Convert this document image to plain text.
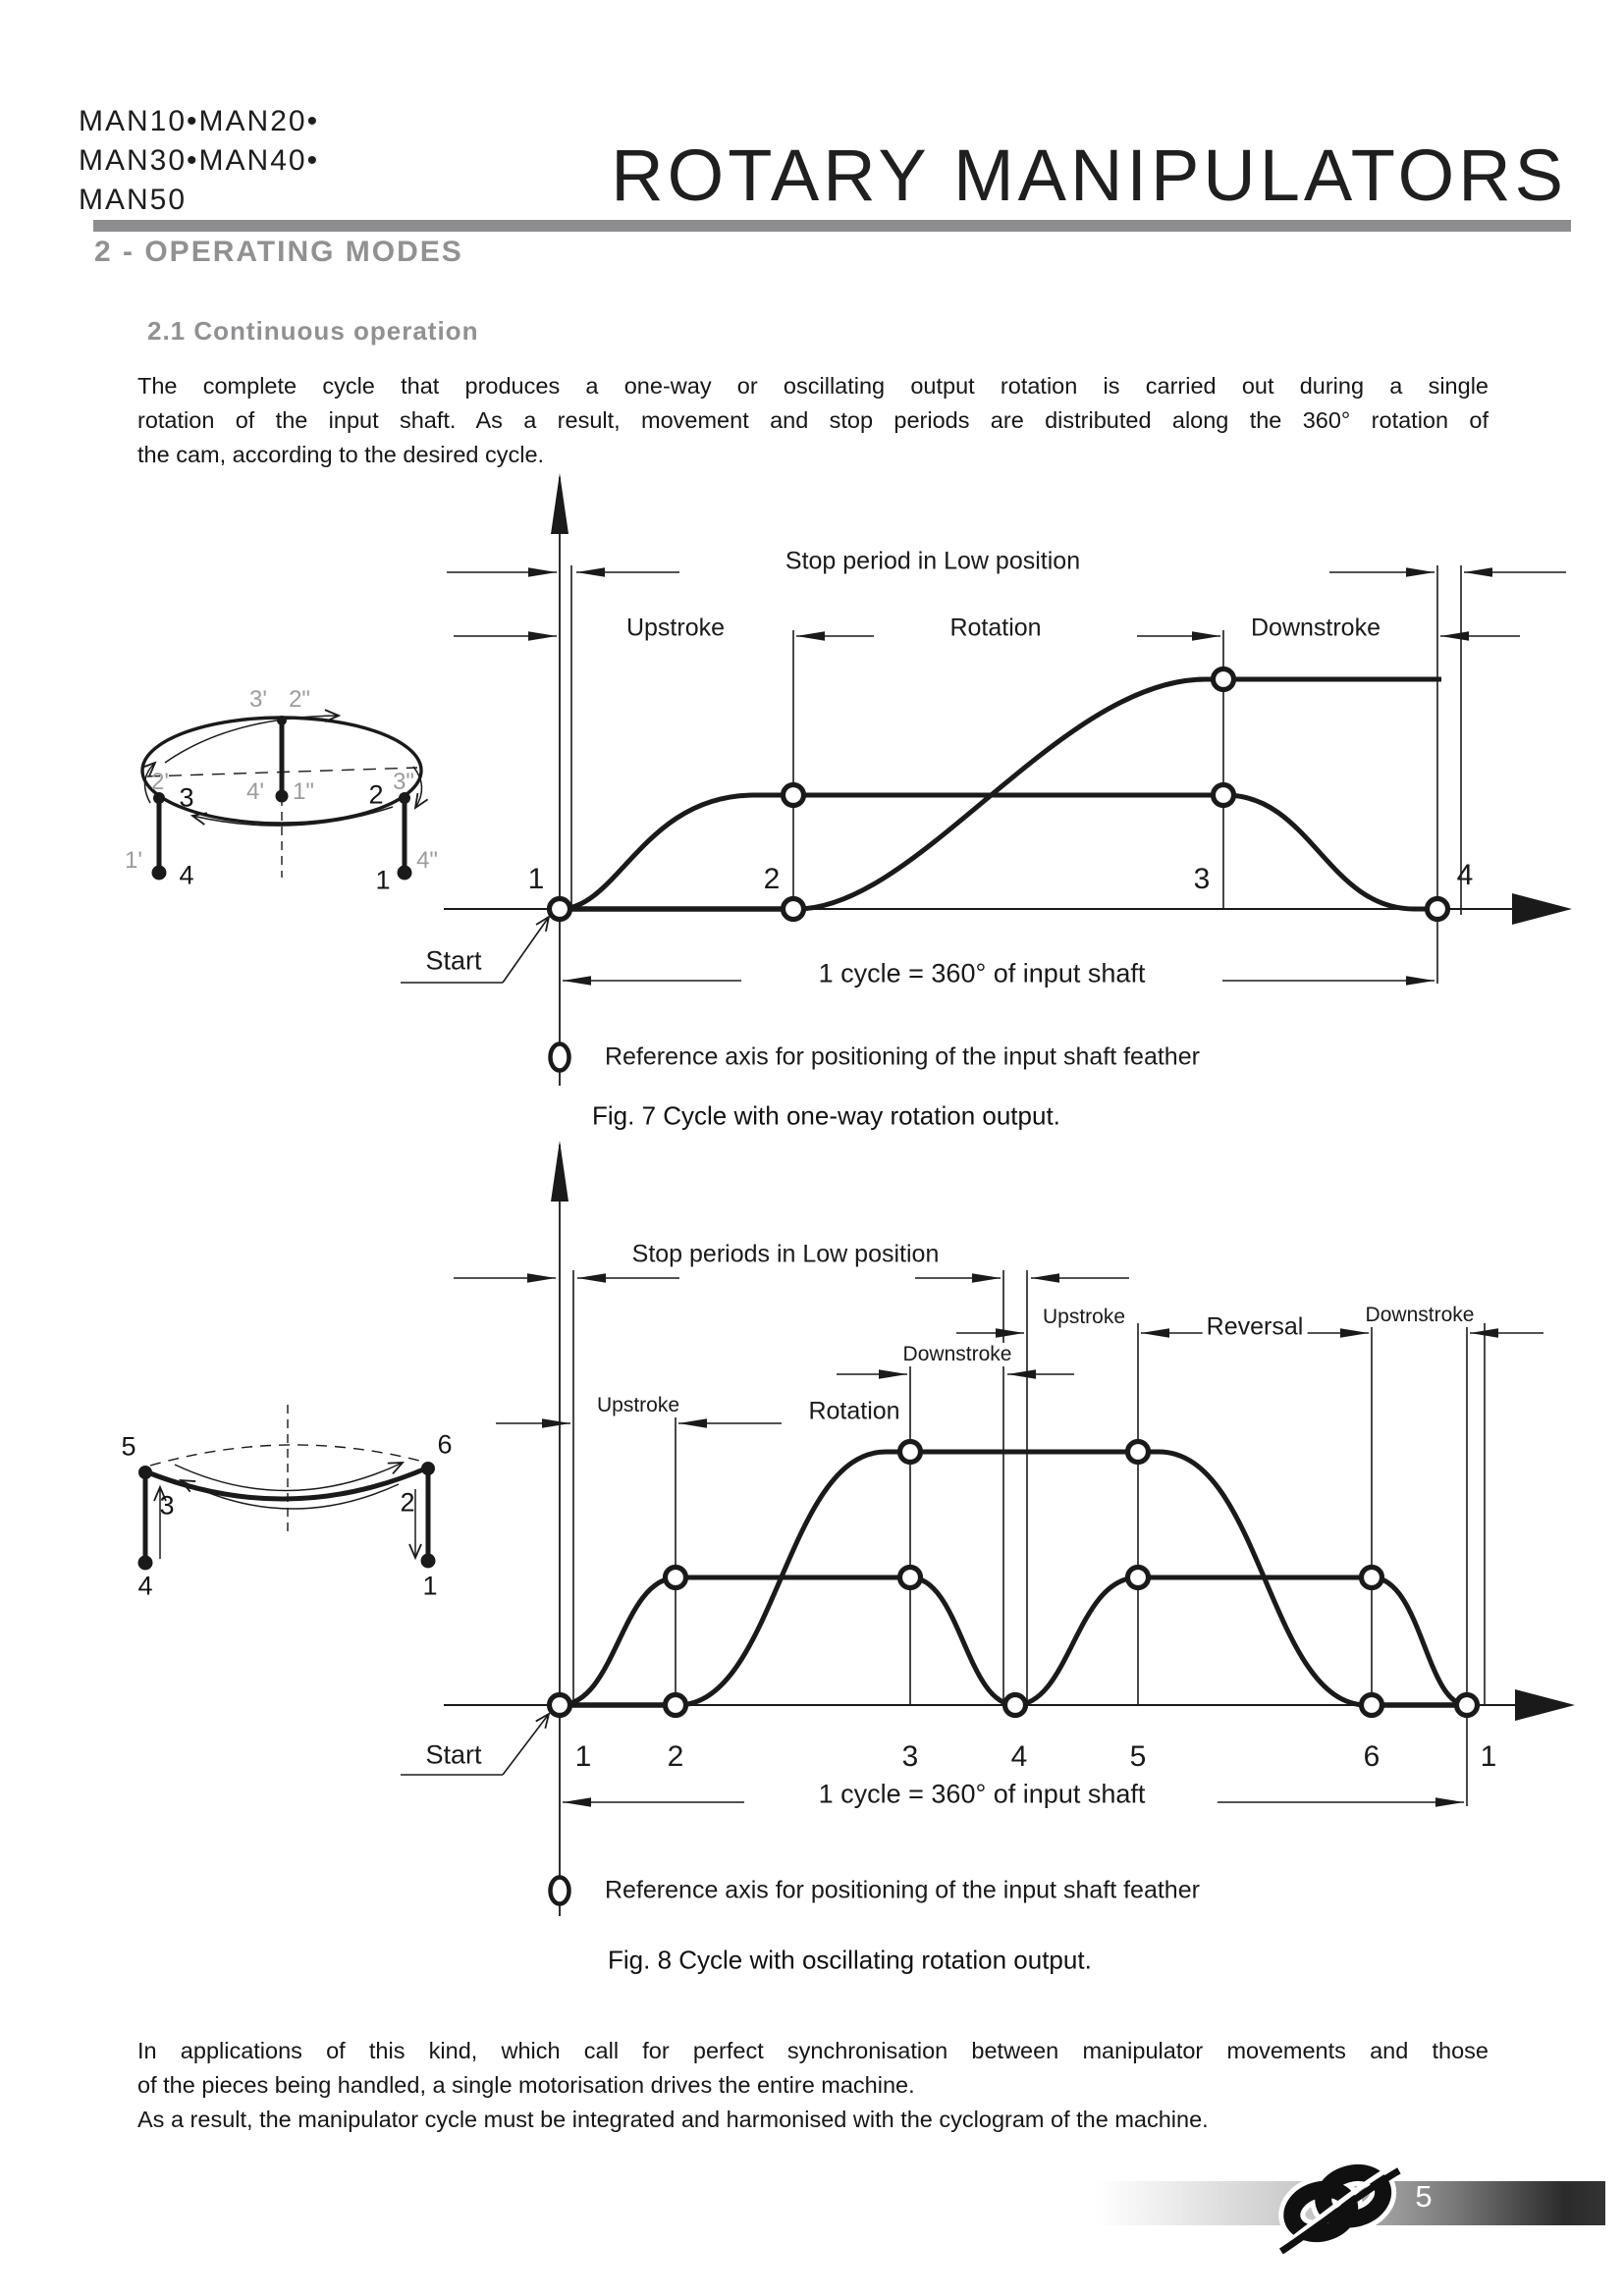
MAN10•MAN20•
MAN30•MAN40•
MAN50	ROTARY MANIPULATORS
2 - OPERATING MODES
2.1 Continuous operation
The complete cycle that produces a one-way or oscillating output rotation is carried out during a single
rotation of the input shaft. As a result, movement and stop periods are distributed along the 360° rotation of
the cam, according to the desired cycle.
Stop period in Low position
Upstroke	Rotation	Downstroke
1	2	3	4
Start	1 cycle = 360° of input shaft
Reference axis for positioning of the input shaft feather
Fig. 7 Cycle with one-way rotation output.
3' 2"
2'
3 4' 1" 2 3"
1' 4	1
4"
Stop periods in Low position
Downstroke
Upstroke	Reversal	Downstroke
Upstroke	Rotation
1	2	3	4	5	6	1
Start
1 cycle = 360° of input shaft
Reference axis for positioning of the input shaft feather
Fig. 8 Cycle with oscillating rotation output.
5
3
4
6
2
1
In applications of this kind, which call for perfect synchronisation between manipulator movements and those
of the pieces being handled, a single motorisation drives the entire machine.
As a result, the manipulator cycle must be integrated and harmonised with the cyclogram of the machine.
5
